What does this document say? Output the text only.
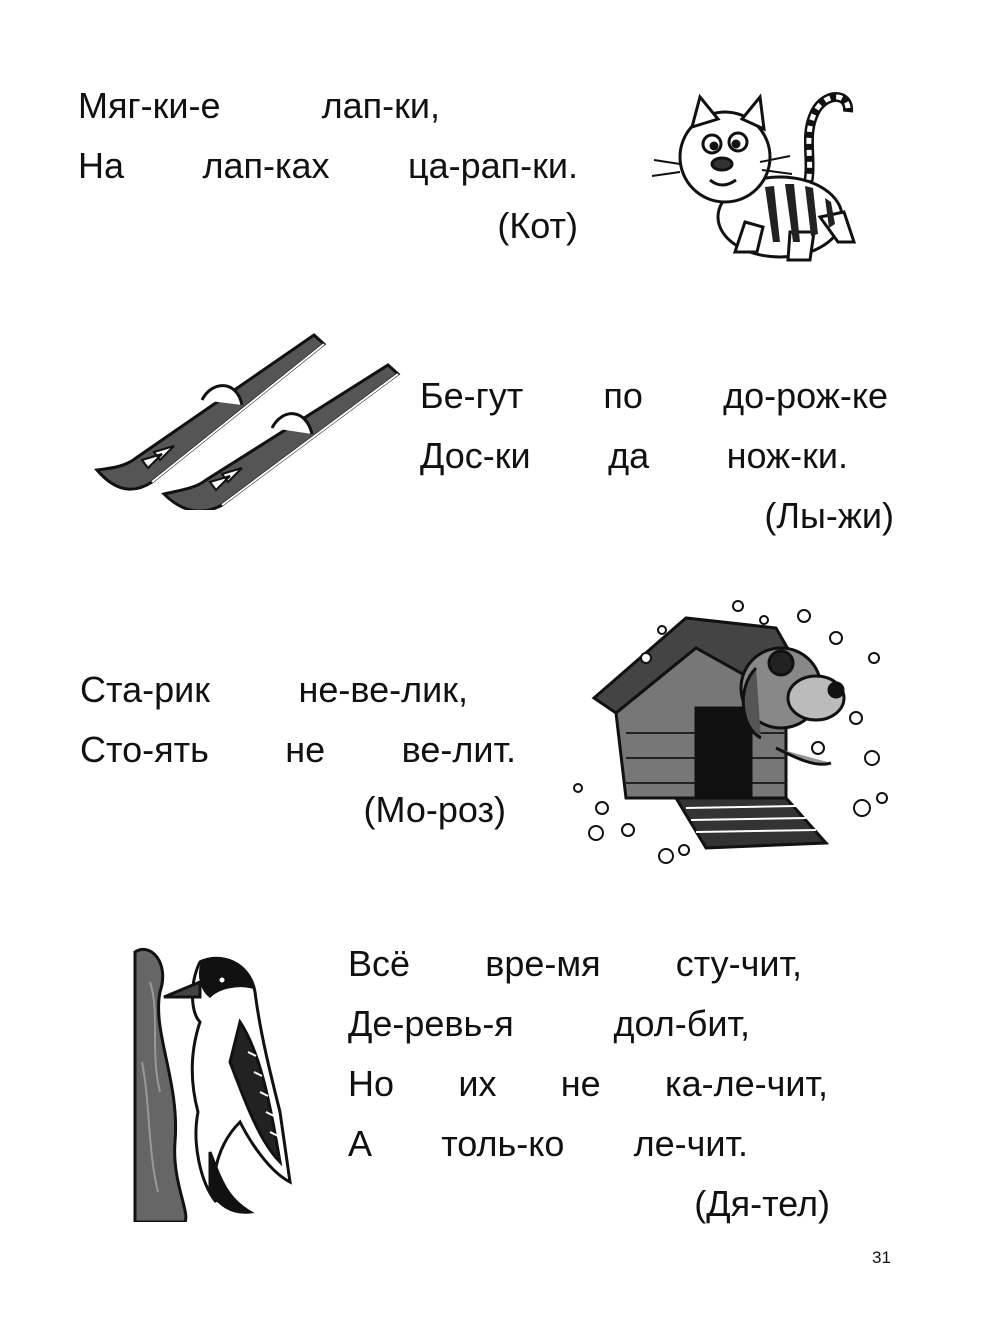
Мяг-ки-е	лап-ки,
На лап-ках ца-рап-ки.
(Кот)
Бе-гут по до-рож-ке
Дос-ки да нож-ки.
(Лы-жи)
Ста-рик не-ве-лик,
Сто-ять не ве-лит.
(Мо-роз)
Всё вре-мя сту-чит,
Де-ревь-я	дол-бит,
Но их не ка-ле-чит,
А толь-ко ле-чит.
(Дя-тел)
31
